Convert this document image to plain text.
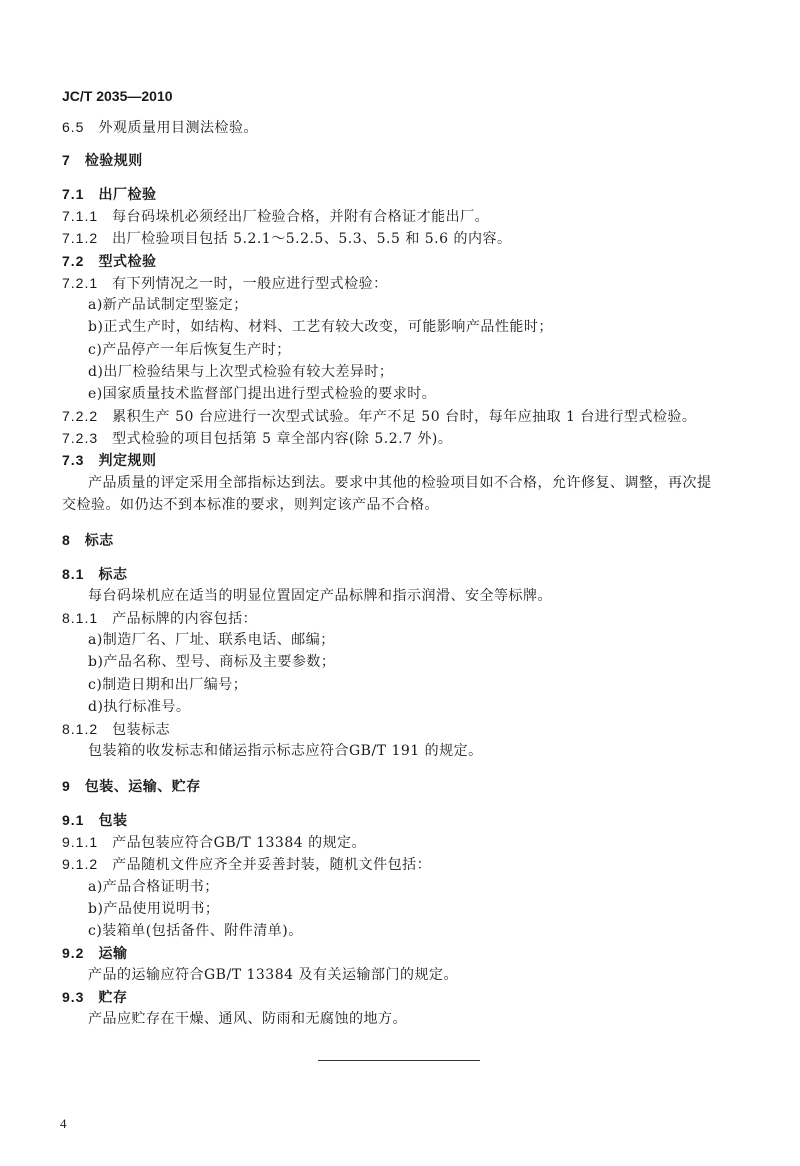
JC/T 2035—2010
6.5 外观质量用目测法检验。
7 检验规则
7.1 出厂检验
7.1.1 每台码垛机必须经出厂检验合格，并附有合格证才能出厂。
7.1.2 出厂检验项目包括 5.2.1～5.2.5、5.3、5.5 和 5.6 的内容。
7.2 型式检验
7.2.1 有下列情况之一时，一般应进行型式检验：
a)新产品试制定型鉴定；
b)正式生产时，如结构、材料、工艺有较大改变，可能影响产品性能时；
c)产品停产一年后恢复生产时；
d)出厂检验结果与上次型式检验有较大差异时；
e)国家质量技术监督部门提出进行型式检验的要求时。
7.2.2 累积生产 50 台应进行一次型式试验。年产不足 50 台时，每年应抽取 1 台进行型式检验。
7.2.3 型式检验的项目包括第 5 章全部内容(除 5.2.7 外)。
7.3 判定规则
产品质量的评定采用全部指标达到法。要求中其他的检验项目如不合格，允许修复、调整，再次提
交检验。如仍达不到本标准的要求，则判定该产品不合格。
8 标志
8.1 标志
每台码垛机应在适当的明显位置固定产品标牌和指示润滑、安全等标牌。
8.1.1 产品标牌的内容包括：
a)制造厂名、厂址、联系电话、邮编；
b)产品名称、型号、商标及主要参数；
c)制造日期和出厂编号；
d)执行标准号。
8.1.2 包装标志
包装箱的收发标志和储运指示标志应符合GB/T 191 的规定。
9 包装、运输、贮存
9.1 包装
9.1.1 产品包装应符合GB/T 13384 的规定。
9.1.2 产品随机文件应齐全并妥善封装，随机文件包括：
a)产品合格证明书；
b)产品使用说明书；
c)装箱单(包括备件、附件清单)。
9.2 运输
产品的运输应符合GB/T 13384 及有关运输部门的规定。
9.3 贮存
产品应贮存在干燥、通风、防雨和无腐蚀的地方。
4
